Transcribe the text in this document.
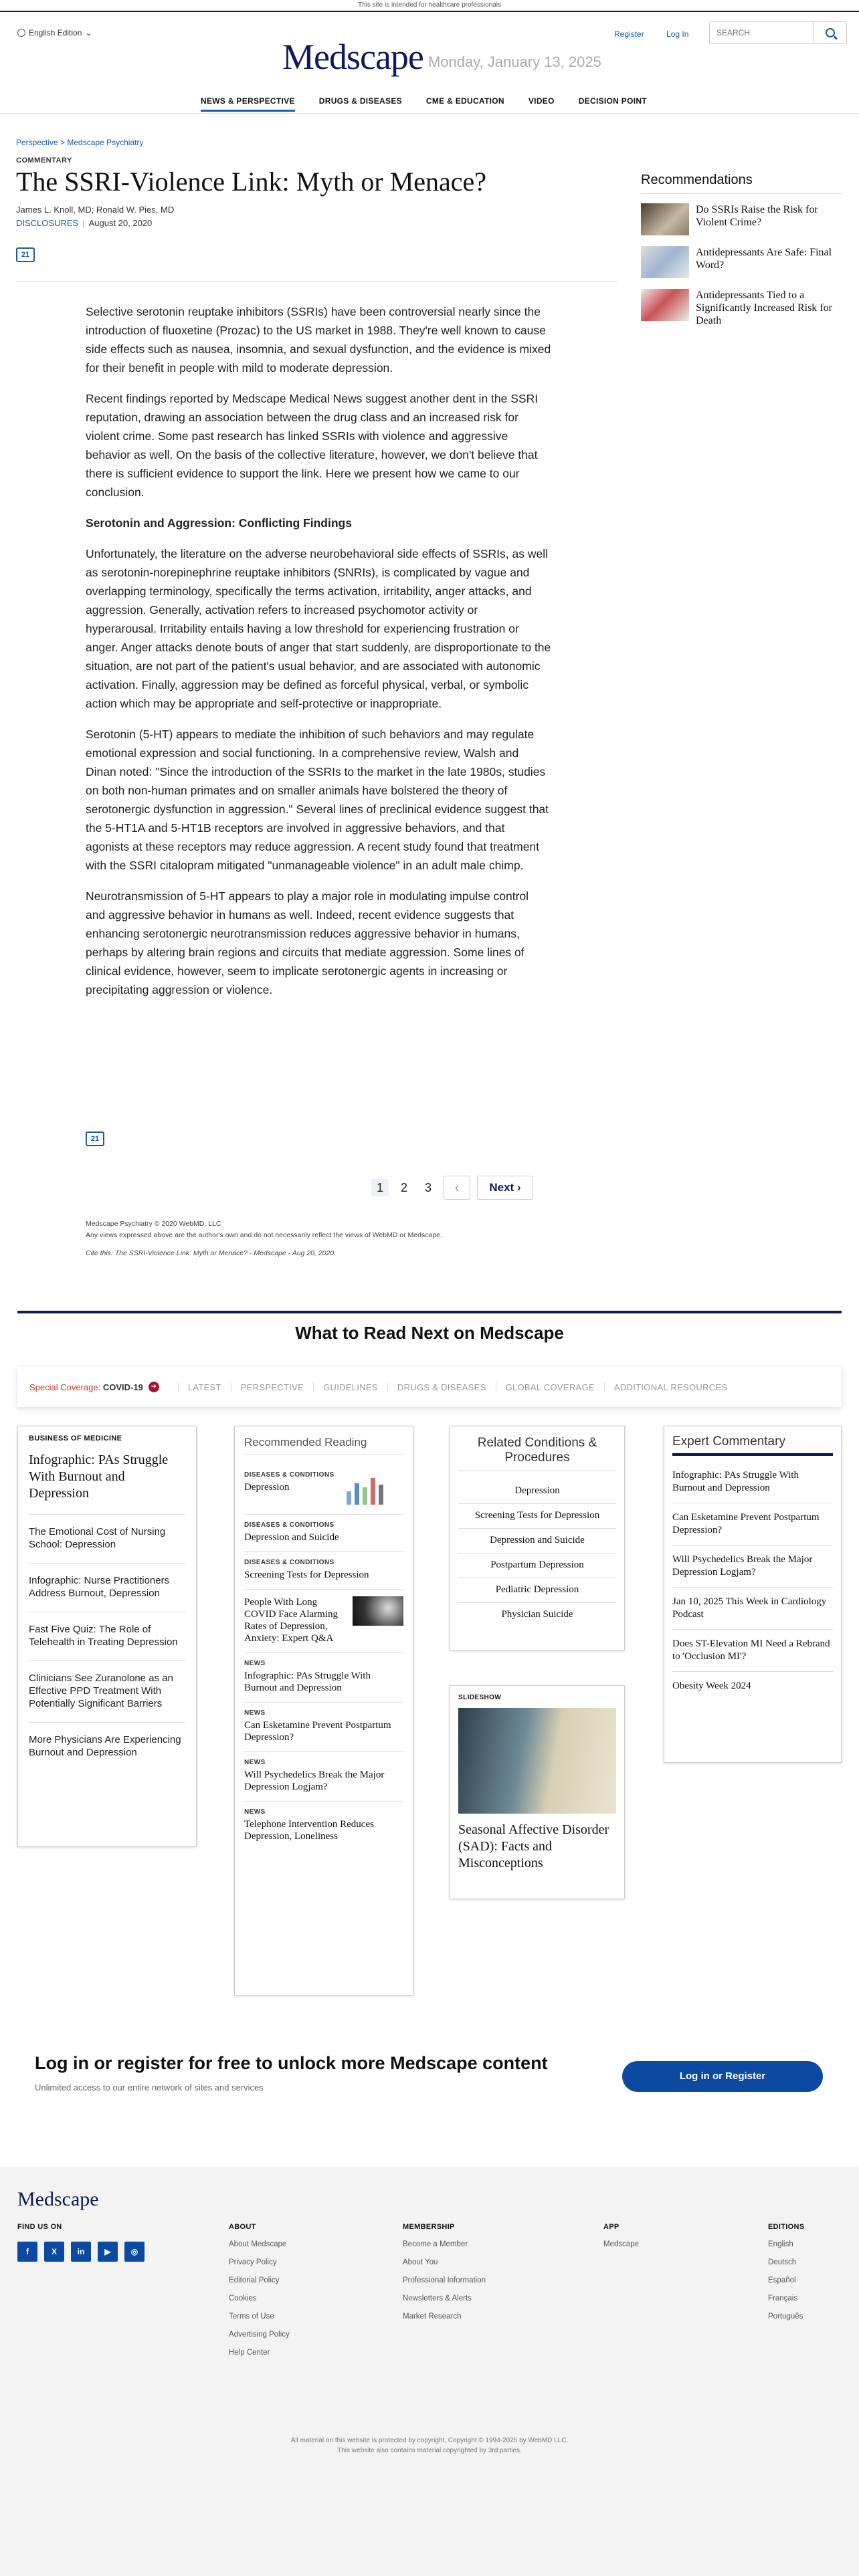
This site is intended for healthcare professionals
English Edition ⌄
Medscape Monday, January 13, 2025
Register	Log In
SEARCH
NEWS & PERSPECTIVE	DRUGS & DISEASES	CME & EDUCATION	VIDEO	DECISION POINT
Perspective > Medscape Psychiatry
COMMENTARY
The SSRI-Violence Link: Myth or Menace?
James L. Knoll, MD; Ronald W. Pies, MD
DISCLOSURES | August 20, 2020
21

Selective serotonin reuptake inhibitors (SSRIs) have been controversial nearly since the introduction of fluoxetine (Prozac) to the US market in 1988. They're well known to cause side effects such as nausea, insomnia, and sexual dysfunction, and the evidence is mixed for their benefit in people with mild to moderate depression.

Recent findings reported by Medscape Medical News suggest another dent in the SSRI reputation, drawing an association between the drug class and an increased risk for violent crime. Some past research has linked SSRIs with violence and aggressive behavior as well. On the basis of the collective literature, however, we don't believe that there is sufficient evidence to support the link. Here we present how we came to our conclusion.

Serotonin and Aggression: Conflicting Findings

Unfortunately, the literature on the adverse neurobehavioral side effects of SSRIs, as well as serotonin-norepinephrine reuptake inhibitors (SNRIs), is complicated by vague and overlapping terminology, specifically the terms activation, irritability, anger attacks, and aggression. Generally, activation refers to increased psychomotor activity or hyperarousal. Irritability entails having a low threshold for experiencing frustration or anger. Anger attacks denote bouts of anger that start suddenly, are disproportionate to the situation, are not part of the patient's usual behavior, and are associated with autonomic activation. Finally, aggression may be defined as forceful physical, verbal, or symbolic action which may be appropriate and self-protective or inappropriate.

Serotonin (5-HT) appears to mediate the inhibition of such behaviors and may regulate emotional expression and social functioning. In a comprehensive review, Walsh and Dinan noted: "Since the introduction of the SSRIs to the market in the late 1980s, studies on both non-human primates and on smaller animals have bolstered the theory of serotonergic dysfunction in aggression." Several lines of preclinical evidence suggest that the 5-HT1A and 5-HT1B receptors are involved in aggressive behaviors, and that agonists at these receptors may reduce aggression. A recent study found that treatment with the SSRI citalopram mitigated "unmanageable violence" in an adult male chimp.

Neurotransmission of 5-HT appears to play a major role in modulating impulse control and aggressive behavior in humans as well. Indeed, recent evidence suggests that enhancing serotonergic neurotransmission reduces aggressive behavior in humans, perhaps by altering brain regions and circuits that mediate aggression. Some lines of clinical evidence, however, seem to implicate serotonergic agents in increasing or precipitating aggression or violence.

21
1	2	3	‹	Next ›
Medscape Psychiatry © 2020 WebMD, LLC
Any views expressed above are the author's own and do not necessarily reflect the views of WebMD or Medscape.
Cite this: The SSRI-Violence Link: Myth or Menace? - Medscape - Aug 20, 2020.
Recommendations
Do SSRIs Raise the Risk for Violent Crime?
Antidepressants Are Safe: Final Word?
Antidepressants Tied to a Significantly Increased Risk for Death
What to Read Next on Medscape
Special Coverage: COVID-19	➔	LATEST	PERSPECTIVE	GUIDELINES	DRUGS & DISEASES	GLOBAL COVERAGE	ADDITIONAL RESOURCES
BUSINESS OF MEDICINE
Infographic: PAs Struggle With Burnout and Depression
The Emotional Cost of Nursing School: Depression
Infographic: Nurse Practitioners Address Burnout, Depression
Fast Five Quiz: The Role of Telehealth in Treating Depression
Clinicians See Zuranolone as an Effective PPD Treatment With Potentially Significant Barriers
More Physicians Are Experiencing Burnout and Depression
Recommended Reading
DISEASES & CONDITIONS
Depression
DISEASES & CONDITIONS
Depression and Suicide
DISEASES & CONDITIONS
Screening Tests for Depression
People With Long COVID Face Alarming Rates of Depression, Anxiety: Expert Q&A
NEWS
Infographic: PAs Struggle With Burnout and Depression
NEWS
Can Esketamine Prevent Postpartum Depression?
NEWS
Will Psychedelics Break the Major Depression Logjam?
NEWS
Telephone Intervention Reduces Depression, Loneliness
Related Conditions & Procedures
Depression
Screening Tests for Depression
Depression and Suicide
Postpartum Depression
Pediatric Depression
Physician Suicide
SLIDESHOW
Seasonal Affective Disorder (SAD): Facts and Misconceptions
Expert Commentary
Infographic: PAs Struggle With Burnout and Depression
Can Esketamine Prevent Postpartum Depression?
Will Psychedelics Break the Major Depression Logjam?
Jan 10, 2025 This Week in Cardiology Podcast
Does ST-Elevation MI Need a Rebrand to 'Occlusion MI'?
Obesity Week 2024
Log in or register for free to unlock more Medscape content
Unlimited access to our entire network of sites and services
Log in or Register
Medscape
FIND US ON
f	X	in	▶	◎
ABOUT
About Medscape
Privacy Policy
Editorial Policy
Cookies
Terms of Use
Advertising Policy
Help Center
MEMBERSHIP
Become a Member
About You
Professional Information
Newsletters & Alerts
Market Research
APP
Medscape
EDITIONS
English
Deutsch
Español
Français
Português
All material on this website is protected by copyright, Copyright © 1994-2025 by WebMD LLC.
This website also contains material copyrighted by 3rd parties.
